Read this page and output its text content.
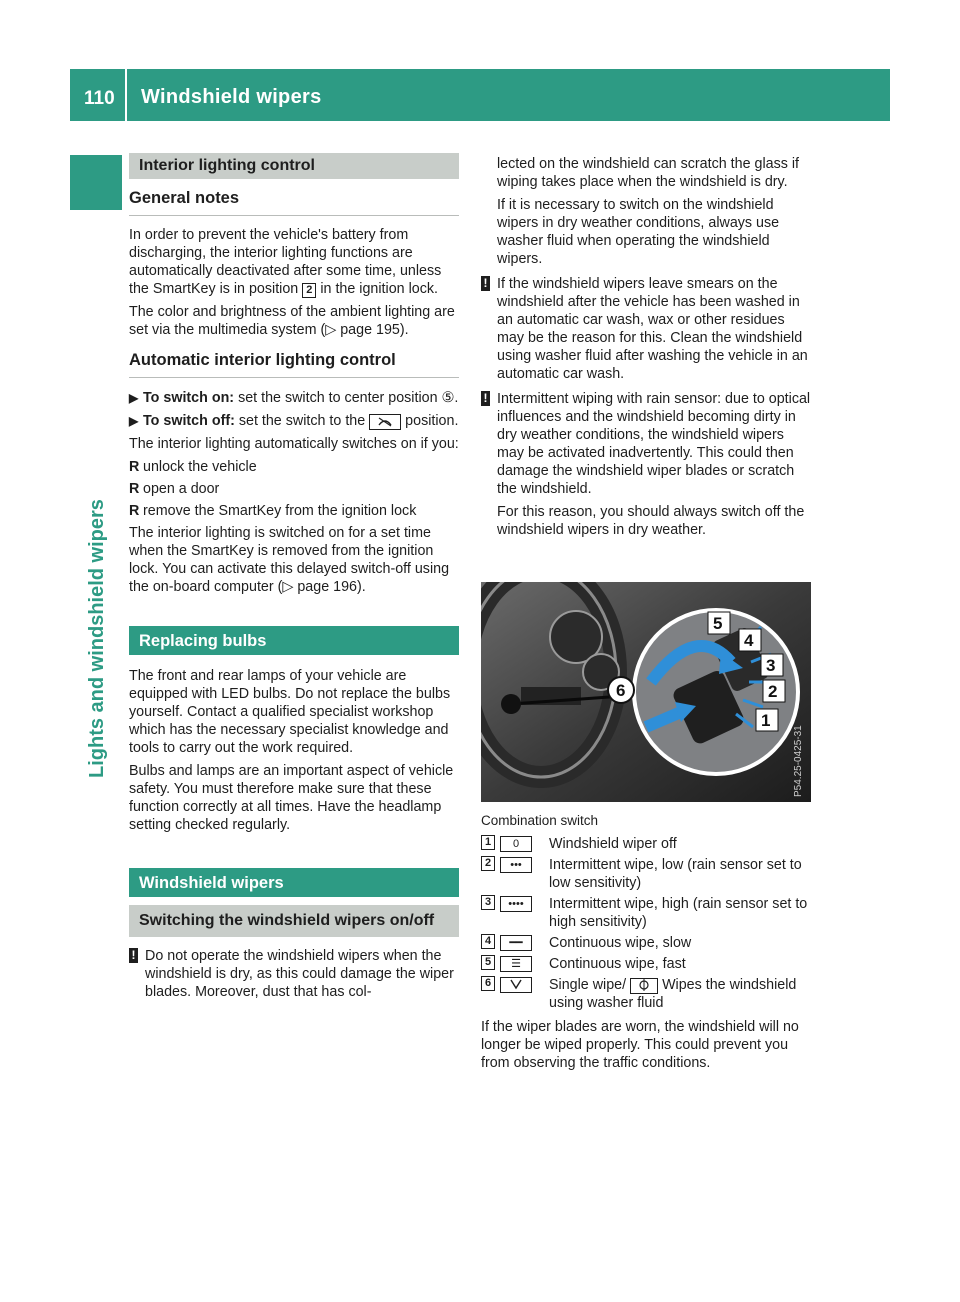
110 Windshield wipers
Lights and windshield wipers
Interior lighting control
General notes

In order to prevent the vehicle's battery from discharging, the interior lighting functions are automatically deactivated after some time, unless the SmartKey is in position 2 in the ignition lock.

The color and brightness of the ambient lighting are set via the multimedia system (▷ page 195).

Automatic interior lighting control
▶ To switch on: set the switch to center position ⑤.
▶ To switch off: set the switch to the	position.

The interior lighting automatically switches on if you:

R unlock the vehicle
R open a door
R remove the SmartKey from the ignition lock

The interior lighting is switched on for a set time when the SmartKey is removed from the ignition lock. You can activate this delayed switch-off using the on-board computer (▷ page 196).

Replacing bulbs

The front and rear lamps of your vehicle are equipped with LED bulbs. Do not replace the bulbs yourself. Contact a qualified specialist workshop which has the necessary specialist knowledge and tools to carry out the work required.

Bulbs and lamps are an important aspect of vehicle safety. You must therefore make sure that these function correctly at all times. Have the headlamp setting checked regularly.

Windshield wipers
Switching the windshield wipers on/off
! Do not operate the windshield wipers when the windshield is dry, as this could damage the wiper blades. Moreover, dust that has col-

lected on the windshield can scratch the glass if wiping takes place when the windshield is dry.

If it is necessary to switch on the windshield wipers in dry weather conditions, always use washer fluid when operating the windshield wipers.

! If the windshield wipers leave smears on the windshield after the vehicle has been washed in an automatic car wash, wax or other residues may be the reason for this. Clean the windshield using washer fluid after washing the vehicle in an automatic car wash.
! Intermittent wiping with rain sensor: due to optical influences and the windshield becoming dirty in dry weather conditions, the windshield wipers may be activated inadvertently. This could then damage the windshield wiper blades or scratch the windshield.

For this reason, you should always switch off the windshield wipers in dry weather.

5
4
3
2
1
6
P54.25-0425-31

Combination switch

1	0	Windshield wiper off
2	•••	Intermittent wipe, low (rain sensor set to low sensitivity)
3	••••	Intermittent wipe, high (rain sensor set to high sensitivity)
4	━━	Continuous wipe, slow
5	☰	Continuous wipe, fast
6	Single wipe/	Wipes the windshield using washer fluid

If the wiper blades are worn, the windshield will no longer be wiped properly. This could prevent you from observing the traffic conditions.
